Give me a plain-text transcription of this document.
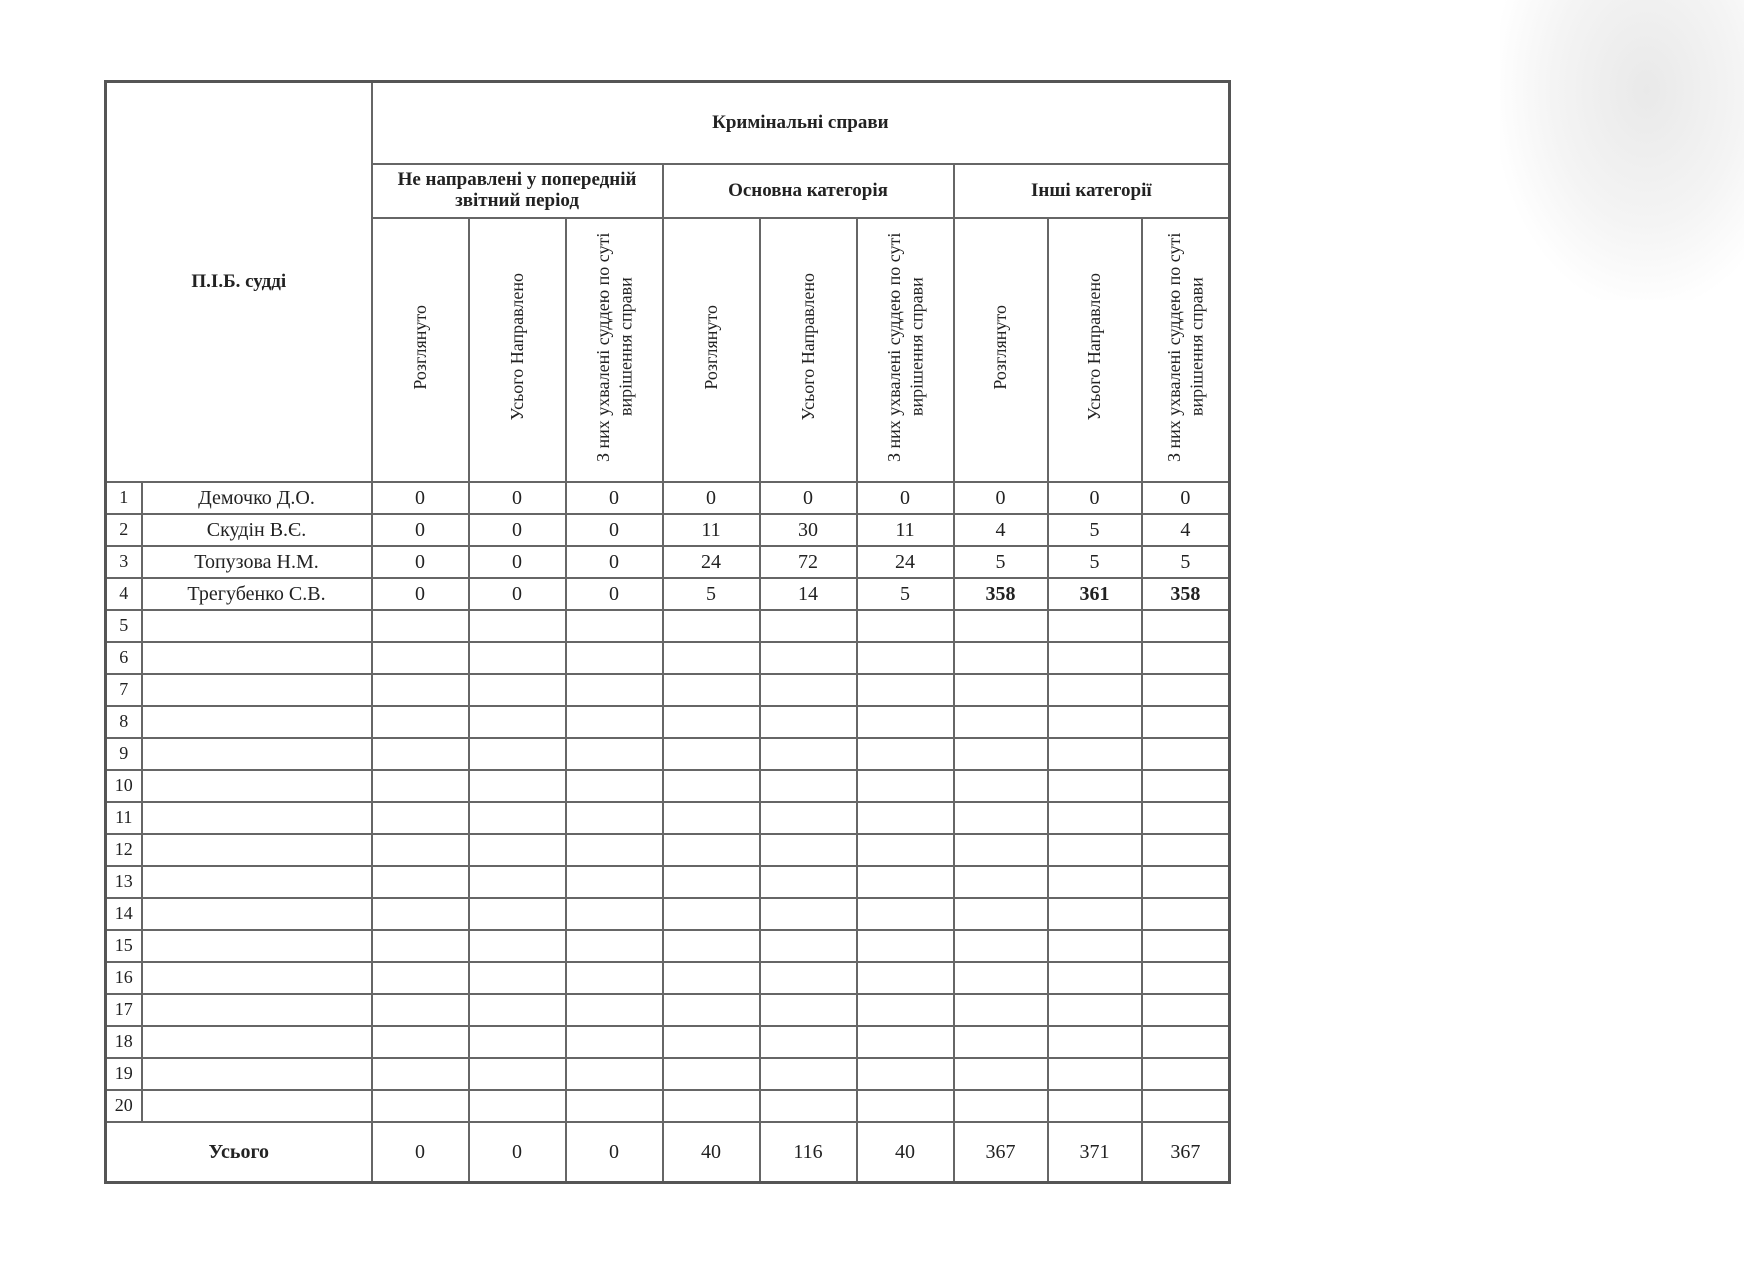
П.І.Б. судді		Кримінальні справи								
		Не направлені у попередній звітний період			Основна категорія			Інші категорії		
		Розглянуто	Усього Направлено	З них ухвалені суддею по суті вирішення справи	Розглянуто	Усього Направлено	З них ухвалені суддею по суті вирішення справи	Розглянуто	Усього Направлено	З них ухвалені суддею по суті вирішення справи
1	Демочко Д.О.	0	0	0	0	0	0	0	0	0
2	Скудін В.Є.	0	0	0	11	30	11	4	5	4
3	Топузова Н.М.	0	0	0	24	72	24	5	5	5
4	Трегубенко С.В.	0	0	0	5	14	5	358	361	358
5										
6										
7										
8										
9										
10										
11										
12										
13										
14										
15										
16										
17										
18										
19										
20										
Усього		0	0	0	40	116	40	367	371	367
